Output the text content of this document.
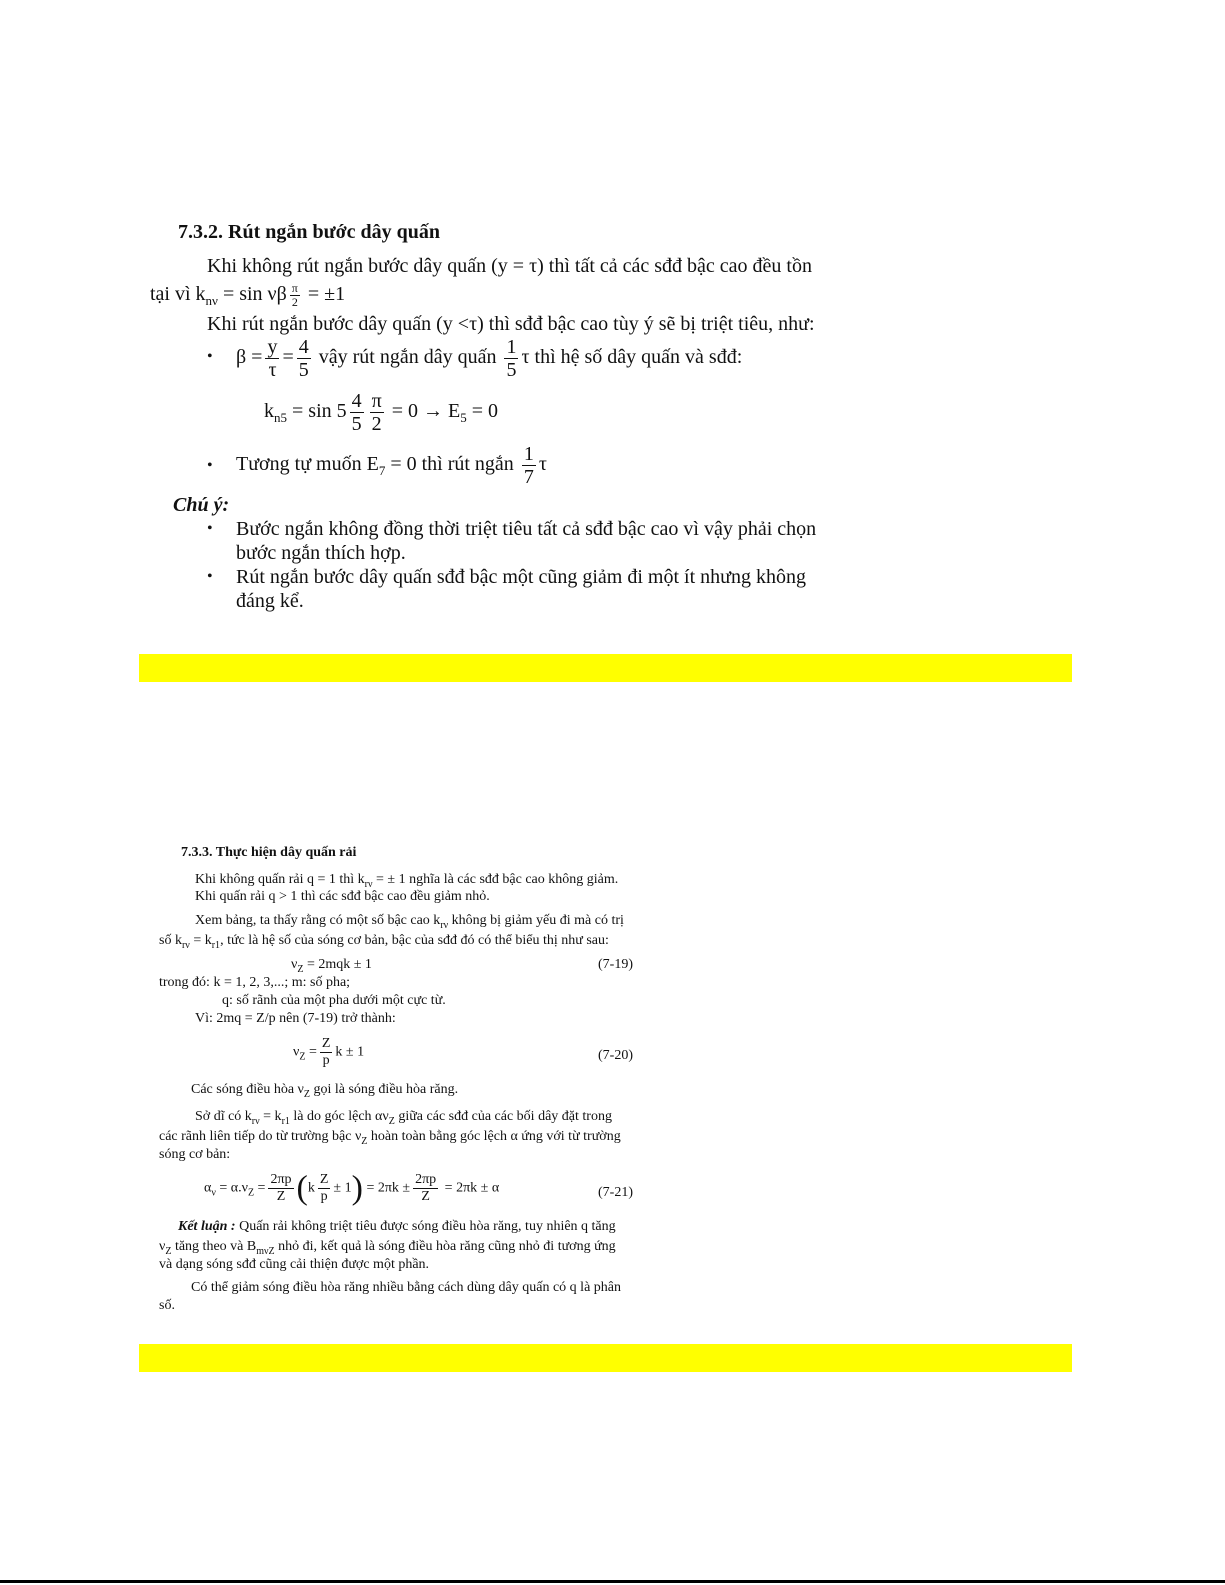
7.3.2. Rút ngắn bước dây quấn
Khi không rút ngắn bước dây quấn (y = τ) thì tất cả các sđđ bậc cao đều tồn
tại vì $k_{n\nu} = \sin \nu\beta \frac{\pi}{2} = \pm 1$
Khi rút ngắn bước dây quấn (y <τ) thì sđđ bậc cao tùy ý sẽ bị triệt tiêu, như:
• $\beta = \frac{y}{\tau} = \frac{4}{5}$ vậy rút ngắn dây quấn $\frac{1}{5}$ τ thì hệ số dây quấn và sđđ:
$k_{n5} = \sin 5 \frac{4}{5} \frac{\pi}{2} = 0 \to E_5 = 0$
• Tương tự muốn $E_7 = 0$ thì rút ngắn $\frac{1}{7}$ τ
Chú ý:
• Bước ngắn không đồng thời triệt tiêu tất cả sđđ bậc cao vì vậy phải chọn
bước ngắn thích hợp.
• Rút ngắn bước dây quấn sđđ bậc một cũng giảm đi một ít nhưng không
đáng kể.
7.3.3. Thực hiện dây quấn rải
Khi không quấn rải q = 1 thì $k_{r\nu}$ = ± 1 nghĩa là các sđđ bậc cao không giảm.
Khi quấn rải q > 1 thì các sđđ bậc cao đều giảm nhỏ.
Xem bảng, ta thấy rằng có một số bậc cao $k_{r\nu}$ không bị giảm yếu đi mà có trị
số $k_{r\nu} = k_{r1}$, tức là hệ số của sóng cơ bản, bậc của sđđ đó có thể biểu thị như sau:
$\nu_Z = 2mqk \pm 1$	(7-19)
trong đó: k = 1, 2, 3,...; m: số pha;
q: số rãnh của một pha dưới một cực từ.
Vì: 2mq = Z/p nên (7-19) trở thành:
$\nu_Z = \frac{Z}{p}$ k ± 1	(7-20)
Các sóng điều hòa $\nu_Z$ gọi là sóng điều hòa răng.
Sở dĩ có $k_{r\nu} = k_{r1}$ là do góc lệch $\alpha\nu_Z$ giữa các sđđ của các bối dây đặt trong
các rãnh liên tiếp do từ trường bậc $\nu_Z$ hoàn toàn bằng góc lệch α ứng với từ trường
sóng cơ bản:
$\alpha_\nu = \alpha.\nu_Z = \frac{2\pi p}{Z} (k \frac{Z}{p} \pm 1) = 2\pi k \pm \frac{2\pi p}{Z} = 2\pi k \pm \alpha$	(7-21)
Kết luận : Quấn rải không triệt tiêu được sóng điều hòa răng, tuy nhiên q tăng
$\nu_Z$ tăng theo và $B_{m\nu Z}$ nhỏ đi, kết quả là sóng điều hòa răng cũng nhỏ đi tương ứng
và dạng sóng sđđ cũng cải thiện được một phần.
Có thể giảm sóng điều hòa răng nhiều bằng cách dùng dây quấn có q là phân
số.
